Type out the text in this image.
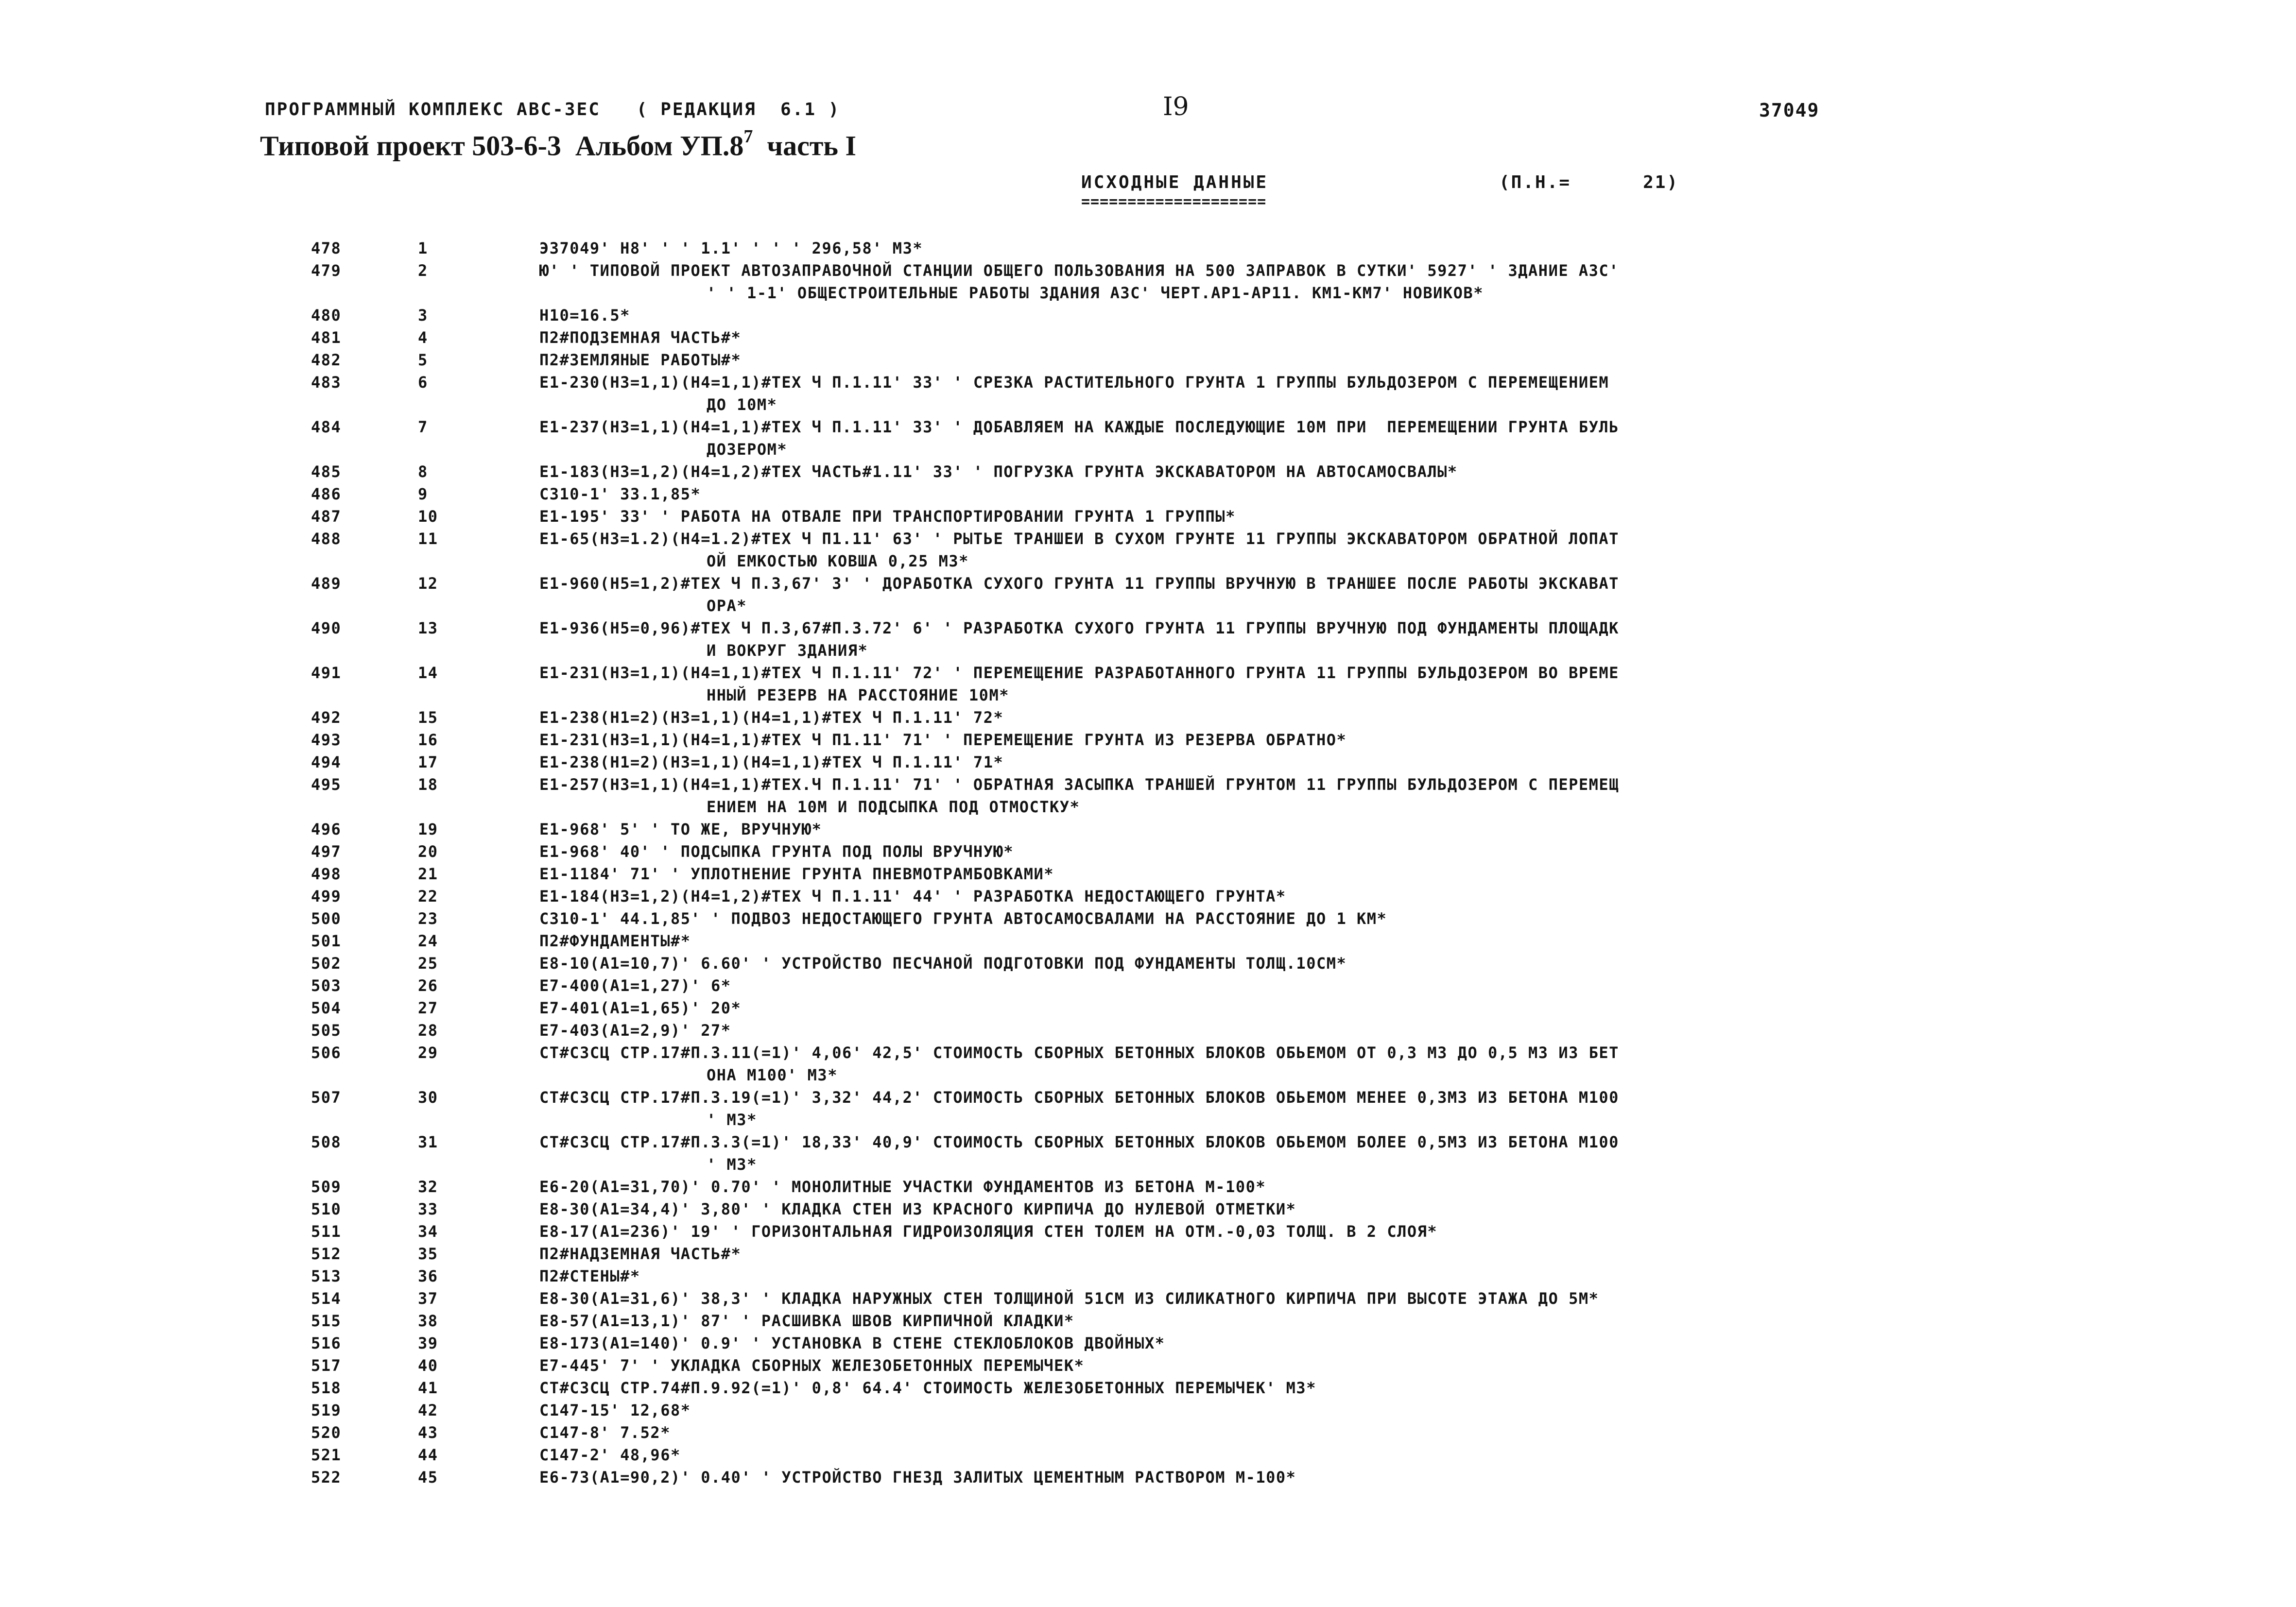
ПРОГРАММНЫЙ КОМПЛЕКС АВС-ЗЕС   ( РЕДАКЦИЯ  6.1 )	I9	37049
Типовой проект 503-6-3  Альбом $УП.8^7$  часть I
ИСХОДНЫЕ ДАННЫЕ
====================
(П.Н.=      21)
478	1	Э37049' Н8' ' ' 1.1' ' ' ' 296,58' М3*
479	2	Ю' ' ТИПОВОЙ ПРОЕКТ АВТОЗАПРАВОЧНОЙ СТАНЦИИ ОБЩЕГО ПОЛЬЗОВАНИЯ НА 500 ЗАПРАВОК В СУТКИ' 5927' ' ЗДАНИЕ АЗС'
' ' 1-1' ОБЩЕСТРОИТЕЛЬНЫЕ РАБОТЫ ЗДАНИЯ АЗС' ЧЕРТ.АР1-АР11. КМ1-КМ7' НОВИКОВ*
480	3	Н10=16.5*
481	4	П2#ПОДЗЕМНАЯ ЧАСТЬ#*
482	5	П2#ЗЕМЛЯНЫЕ РАБОТЫ#*
483	6	Е1-230(Н3=1,1)(Н4=1,1)#ТЕХ Ч П.1.11' 33' ' СРЕЗКА РАСТИТЕЛЬНОГО ГРУНТА 1 ГРУППЫ БУЛЬДОЗЕРОМ С ПЕРЕМЕЩЕНИЕМ
ДО 10М*
484	7	Е1-237(Н3=1,1)(Н4=1,1)#ТЕХ Ч П.1.11' 33' ' ДОБАВЛЯЕМ НА КАЖДЫЕ ПОСЛЕДУЮЩИЕ 10М ПРИ  ПЕРЕМЕЩЕНИИ ГРУНТА БУЛЬ
ДОЗЕРОМ*
485	8	Е1-183(Н3=1,2)(Н4=1,2)#ТЕХ ЧАСТЬ#1.11' 33' ' ПОГРУЗКА ГРУНТА ЭКСКАВАТОРОМ НА АВТОСАМОСВАЛЫ*
486	9	С310-1' 33.1,85*
487	10	Е1-195' 33' ' РАБОТА НА ОТВАЛЕ ПРИ ТРАНСПОРТИРОВАНИИ ГРУНТА 1 ГРУППЫ*
488	11	Е1-65(Н3=1.2)(Н4=1.2)#ТЕХ Ч П1.11' 63' ' РЫТЬЕ ТРАНШЕИ В СУХОМ ГРУНТЕ 11 ГРУППЫ ЭКСКАВАТОРОМ ОБРАТНОЙ ЛОПАТ
ОЙ ЕМКОСТЬЮ КОВША 0,25 М3*
489	12	Е1-960(Н5=1,2)#ТЕХ Ч П.3,67' 3' ' ДОРАБОТКА СУХОГО ГРУНТА 11 ГРУППЫ ВРУЧНУЮ В ТРАНШЕЕ ПОСЛЕ РАБОТЫ ЭКСКАВАТ
ОРА*
490	13	Е1-936(Н5=0,96)#ТЕХ Ч П.3,67#П.3.72' 6' ' РАЗРАБОТКА СУХОГО ГРУНТА 11 ГРУППЫ ВРУЧНУЮ ПОД ФУНДАМЕНТЫ ПЛОЩАДК
И ВОКРУГ ЗДАНИЯ*
491	14	Е1-231(Н3=1,1)(Н4=1,1)#ТЕХ Ч П.1.11' 72' ' ПЕРЕМЕЩЕНИЕ РАЗРАБОТАННОГО ГРУНТА 11 ГРУППЫ БУЛЬДОЗЕРОМ ВО ВРЕМЕ
ННЫЙ РЕЗЕРВ НА РАССТОЯНИЕ 10М*
492	15	Е1-238(Н1=2)(Н3=1,1)(Н4=1,1)#ТЕХ Ч П.1.11' 72*
493	16	Е1-231(Н3=1,1)(Н4=1,1)#ТЕХ Ч П1.11' 71' ' ПЕРЕМЕЩЕНИЕ ГРУНТА ИЗ РЕЗЕРВА ОБРАТНО*
494	17	Е1-238(Н1=2)(Н3=1,1)(Н4=1,1)#ТЕХ Ч П.1.11' 71*
495	18	Е1-257(Н3=1,1)(Н4=1,1)#ТЕХ.Ч П.1.11' 71' ' ОБРАТНАЯ ЗАСЫПКА ТРАНШЕЙ ГРУНТОМ 11 ГРУППЫ БУЛЬДОЗЕРОМ С ПЕРЕМЕЩ
ЕНИЕМ НА 10М И ПОДСЫПКА ПОД ОТМОСТКУ*
496	19	Е1-968' 5' ' ТО ЖЕ, ВРУЧНУЮ*
497	20	Е1-968' 40' ' ПОДСЫПКА ГРУНТА ПОД ПОЛЫ ВРУЧНУЮ*
498	21	Е1-1184' 71' ' УПЛОТНЕНИЕ ГРУНТА ПНЕВМОТРАМБОВКАМИ*
499	22	Е1-184(Н3=1,2)(Н4=1,2)#ТЕХ Ч П.1.11' 44' ' РАЗРАБОТКА НЕДОСТАЮЩЕГО ГРУНТА*
500	23	С310-1' 44.1,85' ' ПОДВОЗ НЕДОСТАЮЩЕГО ГРУНТА АВТОСАМОСВАЛАМИ НА РАССТОЯНИЕ ДО 1 КМ*
501	24	П2#ФУНДАМЕНТЫ#*
502	25	Е8-10(А1=10,7)' 6.60' ' УСТРОЙСТВО ПЕСЧАНОЙ ПОДГОТОВКИ ПОД ФУНДАМЕНТЫ ТОЛЩ.10СМ*
503	26	Е7-400(А1=1,27)' 6*
504	27	Е7-401(А1=1,65)' 20*
505	28	Е7-403(А1=2,9)' 27*
506	29	СТ#СЗСЦ СТР.17#П.3.11(=1)' 4,06' 42,5' СТОИМОСТЬ СБОРНЫХ БЕТОННЫХ БЛОКОВ ОБЬЕМОМ ОТ 0,3 М3 ДО 0,5 М3 ИЗ БЕТ
ОНА М100' М3*
507	30	СТ#СЗСЦ СТР.17#П.3.19(=1)' 3,32' 44,2' СТОИМОСТЬ СБОРНЫХ БЕТОННЫХ БЛОКОВ ОБЬЕМОМ МЕНЕЕ 0,3М3 ИЗ БЕТОНА М100
' М3*
508	31	СТ#СЗСЦ СТР.17#П.3.3(=1)' 18,33' 40,9' СТОИМОСТЬ СБОРНЫХ БЕТОННЫХ БЛОКОВ ОБЬЕМОМ БОЛЕЕ 0,5М3 ИЗ БЕТОНА М100
' М3*
509	32	Е6-20(А1=31,70)' 0.70' ' МОНОЛИТНЫЕ УЧАСТКИ ФУНДАМЕНТОВ ИЗ БЕТОНА М-100*
510	33	Е8-30(А1=34,4)' 3,80' ' КЛАДКА СТЕН ИЗ КРАСНОГО КИРПИЧА ДО НУЛЕВОЙ ОТМЕТКИ*
511	34	Е8-17(А1=236)' 19' ' ГОРИЗОНТАЛЬНАЯ ГИДРОИЗОЛЯЦИЯ СТЕН ТОЛЕМ НА ОТМ.-0,03 ТОЛЩ. В 2 СЛОЯ*
512	35	П2#НАДЗЕМНАЯ ЧАСТЬ#*
513	36	П2#СТЕНЫ#*
514	37	Е8-30(А1=31,6)' 38,3' ' КЛАДКА НАРУЖНЫХ СТЕН ТОЛЩИНОЙ 51СМ ИЗ СИЛИКАТНОГО КИРПИЧА ПРИ ВЫСОТЕ ЭТАЖА ДО 5М*
515	38	Е8-57(А1=13,1)' 87' ' РАСШИВКА ШВОВ КИРПИЧНОЙ КЛАДКИ*
516	39	Е8-173(А1=140)' 0.9' ' УСТАНОВКА В СТЕНЕ СТЕКЛОБЛОКОВ ДВОЙНЫХ*
517	40	Е7-445' 7' ' УКЛАДКА СБОРНЫХ ЖЕЛЕЗОБЕТОННЫХ ПЕРЕМЫЧЕК*
518	41	СТ#СЗСЦ СТР.74#П.9.92(=1)' 0,8' 64.4' СТОИМОСТЬ ЖЕЛЕЗОБЕТОННЫХ ПЕРЕМЫЧЕК' М3*
519	42	С147-15' 12,68*
520	43	С147-8' 7.52*
521	44	С147-2' 48,96*
522	45	Е6-73(А1=90,2)' 0.40' ' УСТРОЙСТВО ГНЕЗД ЗАЛИТЫХ ЦЕМЕНТНЫМ РАСТВОРОМ М-100*
